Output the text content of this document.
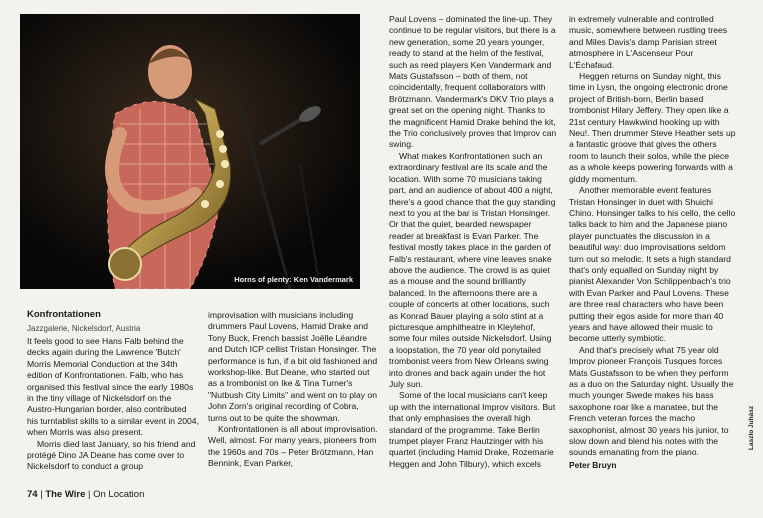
Horns of plenty: Ken Vandermark
Konfrontationen
Jazzgalerie, Nickelsdorf, Austria

It feels good to see Hans Falb behind the decks again during the Lawrence 'Butch' Morris Memorial Conduction at the 34th edition of Konfrontationen. Falb, who has organised this festival since the early 1980s in the tiny village of Nickelsdorf on the Austro-Hungarian border, also contributed his turntablist skills to a similar event in 2004, when Morris was also present.

Morris died last January, so his friend and protégé Dino JA Deane has come over to Nickelsdorf to conduct a group

improvisation with musicians including drummers Paul Lovens, Hamid Drake and Tony Buck, French bassist Joëlle Léandre and Dutch ICP cellist Tristan Honsinger. The performance is fun, if a bit old fashioned and workshop-like. But Deane, who started out as a trombonist on Ike & Tina Turner's "Nutbush City Limits" and went on to play on John Zorn's original recording of Cobra, turns out to be quite the showman.

Konfrontationen is all about improvisation. Well, almost. For many years, pioneers from the 1960s and 70s – Peter Brötzmann, Han Bennink, Evan Parker,

Paul Lovens – dominated the line-up. They continue to be regular visitors, but there is a new generation, some 20 years younger, ready to stand at the helm of the festival, such as reed players Ken Vandermark and Mats Gustafsson – both of them, not coincidentally, frequent collaborators with Brötzmann. Vandermark's DKV Trio plays a great set on the opening night. Thanks to the magnificent Hamid Drake behind the kit, the Trio conclusively proves that Improv can swing.

What makes Konfrontationen such an extraordinary festival are its scale and the location. With some 70 musicians taking part, and an audience of about 400 a night, there's a good chance that the guy standing next to you at the bar is Tristan Honsinger. Or that the quiet, bearded newspaper reader at breakfast is Evan Parker. The festival mostly takes place in the garden of Falb's restaurant, where vine leaves snake above the audience. The crowd is as quiet as a mouse and the sound brilliantly balanced. In the afternoons there are a couple of concerts at other locations, such as Konrad Bauer playing a solo stint at a picturesque amphitheatre in Kleylehof, some four miles outside Nickelsdorf. Using a loopstation, the 70 year old ponytailed trombonist veers from New Orleans swing into drones and back again under the hot July sun.

Some of the local musicians can't keep up with the international Improv visitors. But that only emphasises the overall high standard of the programme. Take Berlin trumpet player Franz Hautzinger with his quartet (including Hamid Drake, Rozemarie Heggen and John Tilbury), which excels

in extremely vulnerable and controlled music, somewhere between rustling trees and Miles Davis's damp Parisian street atmosphere in L'Ascenseur Pour L'Échafaud.

Heggen returns on Sunday night, this time in Lysn, the ongoing electronic drone project of British-born, Berlin based trombonist Hilary Jeffery. They open like a 21st century Hawkwind hooking up with Neu!. Then drummer Steve Heather sets up a fantastic groove that gives the others room to launch their solos, while the piece as a whole keeps powering forwards with a giddy momentum.

Another memorable event features Tristan Honsinger in duet with Shuichi Chino. Honsinger talks to his cello, the cello talks back to him and the Japanese piano player punctuates the discussion in a beautiful way: duo improvisations seldom turn out so melodic. It sets a high standard that's only equalled on Sunday night by pianist Alexander Von Schlippenbach's trio with Evan Parker and Paul Lovens. These are three real characters who have been putting their egos aside for more than 40 years and have allowed their music to become utterly symbiotic.

And that's precisely what 75 year old Improv pioneer François Tusques forces Mats Gustafsson to be when they perform as a duo on the Saturday night. Usually the much younger Swede makes his bass saxophone roar like a manatee, but the French veteran forces the macho saxophonist, almost 30 years his junior, to slow down and blend his notes with the sounds emanating from the piano.

Peter Bruyn
74 | The Wire | On Location
Laszlo Juhász
